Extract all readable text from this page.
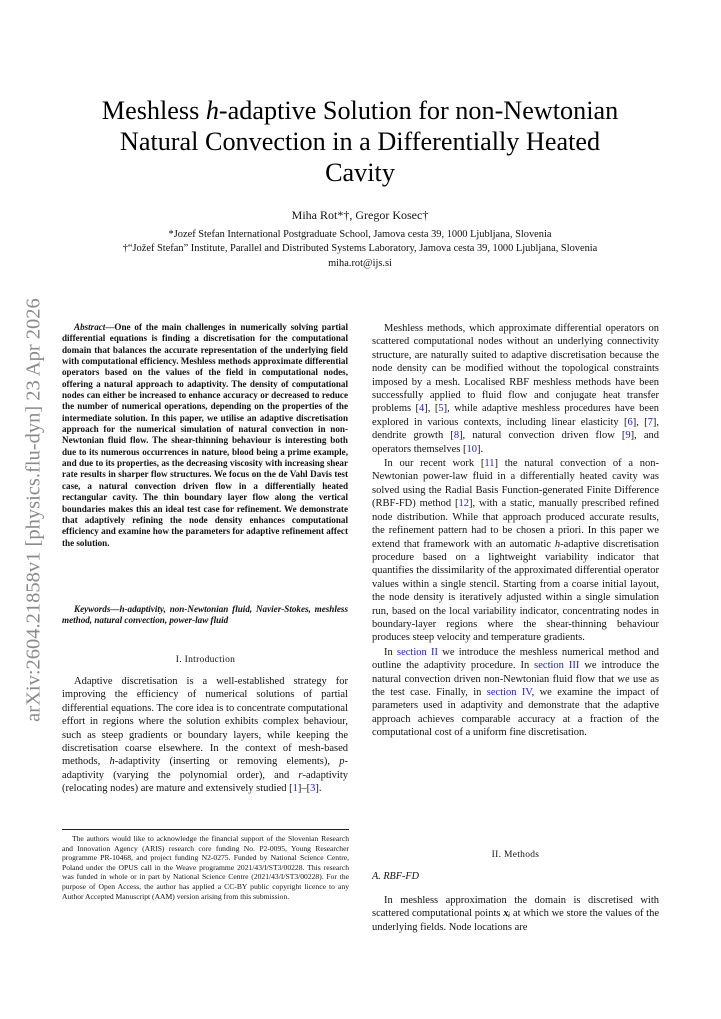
arXiv:2604.21858v1 [physics.flu-dyn] 23 Apr 2026
Meshless h-adaptive Solution for non-Newtonian
Natural Convection in a Differentially Heated
Cavity
Miha Rot*†, Gregor Kosec†
*Jozef Stefan International Postgraduate School, Jamova cesta 39, 1000 Ljubljana, Slovenia
†“Jožef Stefan” Institute, Parallel and Distributed Systems Laboratory, Jamova cesta 39, 1000 Ljubljana, Slovenia
miha.rot@ijs.si

Abstract—One of the main challenges in numerically solving partial differential equations is finding a discretisation for the computational domain that balances the accurate representation of the underlying field with computational efficiency. Meshless methods approximate differential operators based on the values of the field in computational nodes, offering a natural approach to adaptivity. The density of computational nodes can either be increased to enhance accuracy or decreased to reduce the number of numerical operations, depending on the properties of the intermediate solution. In this paper, we utilise an adaptive discretisation approach for the numerical simulation of natural convection in non-Newtonian fluid flow. The shear-thinning behaviour is interesting both due to its numerous occurrences in nature, blood being a prime example, and due to its properties, as the decreasing viscosity with increasing shear rate results in sharper flow structures. We focus on the de Vahl Davis test case, a natural convection driven flow in a differentially heated rectangular cavity. The thin boundary layer flow along the vertical boundaries makes this an ideal test case for refinement. We demonstrate that adaptively refining the node density enhances computational efficiency and examine how the parameters for adaptive refinement affect the solution.

Keywords—h-adaptivity, non-Newtonian fluid, Navier-Stokes, meshless method, natural convection, power-law fluid

I. Introduction

Adaptive discretisation is a well-established strategy for improving the efficiency of numerical solutions of partial differential equations. The core idea is to concentrate computational effort in regions where the solution exhibits complex behaviour, such as steep gradients or boundary layers, while keeping the discretisation coarse elsewhere. In the context of mesh-based methods, h-adaptivity (inserting or removing elements), p-adaptivity (varying the polynomial order), and r-adaptivity (relocating nodes) are mature and extensively studied [1]–[3].

The authors would like to acknowledge the financial support of the Slovenian Research and Innovation Agency (ARIS) research core funding No. P2-0095, Young Researcher programme PR-10468, and project funding N2-0275. Funded by National Science Centre, Poland under the OPUS call in the Weave programme 2021/43/I/ST3/00228. This research was funded in whole or in part by National Science Centre (2021/43/I/ST3/00228). For the purpose of Open Access, the author has applied a CC-BY public copyright licence to any Author Accepted Manuscript (AAM) version arising from this submission.

Meshless methods, which approximate differential operators on scattered computational nodes without an underlying connectivity structure, are naturally suited to adaptive discretisation because the node density can be modified without the topological constraints imposed by a mesh. Localised RBF meshless methods have been successfully applied to fluid flow and conjugate heat transfer problems [4], [5], while adaptive meshless procedures have been explored in various contexts, including linear elasticity [6], [7], dendrite growth [8], natural convection driven flow [9], and operators themselves [10].

In our recent work [11] the natural convection of a non-Newtonian power-law fluid in a differentially heated cavity was solved using the Radial Basis Function-generated Finite Difference (RBF-FD) method [12], with a static, manually prescribed refined node distribution. While that approach produced accurate results, the refinement pattern had to be chosen a priori. In this paper we extend that framework with an automatic h-adaptive discretisation procedure based on a lightweight variability indicator that quantifies the dissimilarity of the approximated differential operator values within a single stencil. Starting from a coarse initial layout, the node density is iteratively adjusted within a single simulation run, based on the local variability indicator, concentrating nodes in boundary-layer regions where the shear-thinning behaviour produces steep velocity and temperature gradients.

In section II we introduce the meshless numerical method and outline the adaptivity procedure. In section III we introduce the natural convection driven non-Newtonian fluid flow that we use as the test case. Finally, in section IV, we examine the impact of parameters used in adaptivity and demonstrate that the adaptive approach achieves comparable accuracy at a fraction of the computational cost of a uniform fine discretisation.

II. Methods
A. RBF-FD

In meshless approximation the domain is discretised with scattered computational points xᵢ at which we store the values of the underlying fields. Node locations are
